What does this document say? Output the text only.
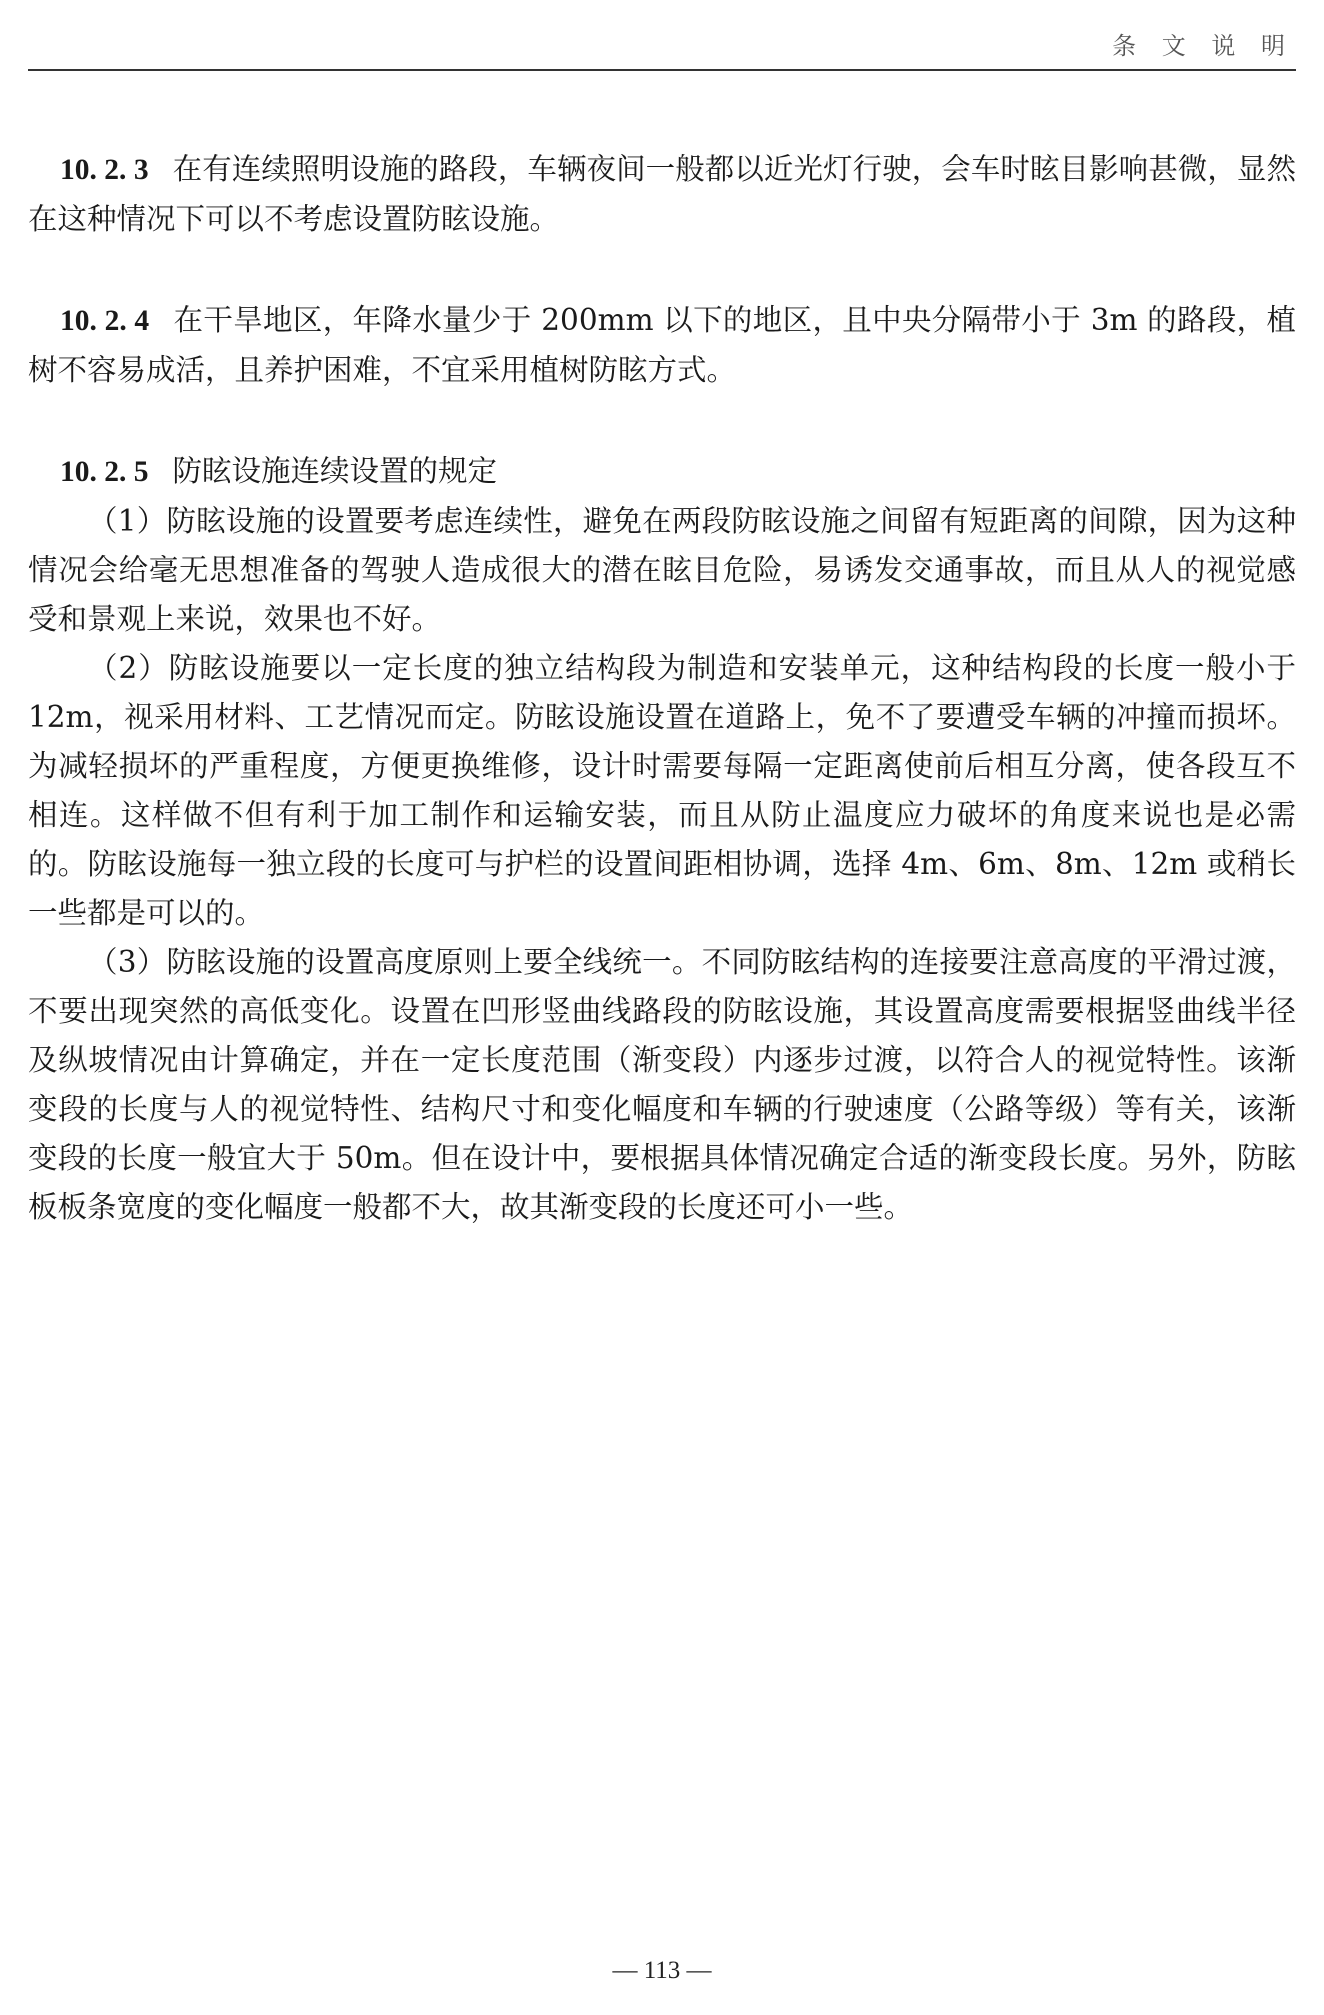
条 文 说 明

10. 2. 3 在有连续照明设施的路段，车辆夜间一般都以近光灯行驶，会车时眩目影响甚微，显然在这种情况下可以不考虑设置防眩设施。

10. 2. 4 在干旱地区，年降水量少于 200mm 以下的地区，且中央分隔带小于 3m 的路段，植树不容易成活，且养护困难，不宜采用植树防眩方式。

10. 2. 5 防眩设施连续设置的规定

（1）防眩设施的设置要考虑连续性，避免在两段防眩设施之间留有短距离的间隙，因为这种情况会给毫无思想准备的驾驶人造成很大的潜在眩目危险，易诱发交通事故，而且从人的视觉感受和景观上来说，效果也不好。

（2）防眩设施要以一定长度的独立结构段为制造和安装单元，这种结构段的长度一般小于 12m，视采用材料、工艺情况而定。防眩设施设置在道路上，免不了要遭受车辆的冲撞而损坏。为减轻损坏的严重程度，方便更换维修，设计时需要每隔一定距离使前后相互分离，使各段互不相连。这样做不但有利于加工制作和运输安装，而且从防止温度应力破坏的角度来说也是必需的。防眩设施每一独立段的长度可与护栏的设置间距相协调，选择 4m、6m、8m、12m 或稍长一些都是可以的。

（3）防眩设施的设置高度原则上要全线统一。不同防眩结构的连接要注意高度的平滑过渡，不要出现突然的高低变化。设置在凹形竖曲线路段的防眩设施，其设置高度需要根据竖曲线半径及纵坡情况由计算确定，并在一定长度范围（渐变段）内逐步过渡，以符合人的视觉特性。该渐变段的长度与人的视觉特性、结构尺寸和变化幅度和车辆的行驶速度（公路等级）等有关，该渐变段的长度一般宜大于 50m。但在设计中，要根据具体情况确定合适的渐变段长度。另外，防眩板板条宽度的变化幅度一般都不大，故其渐变段的长度还可小一些。

— 113 —
